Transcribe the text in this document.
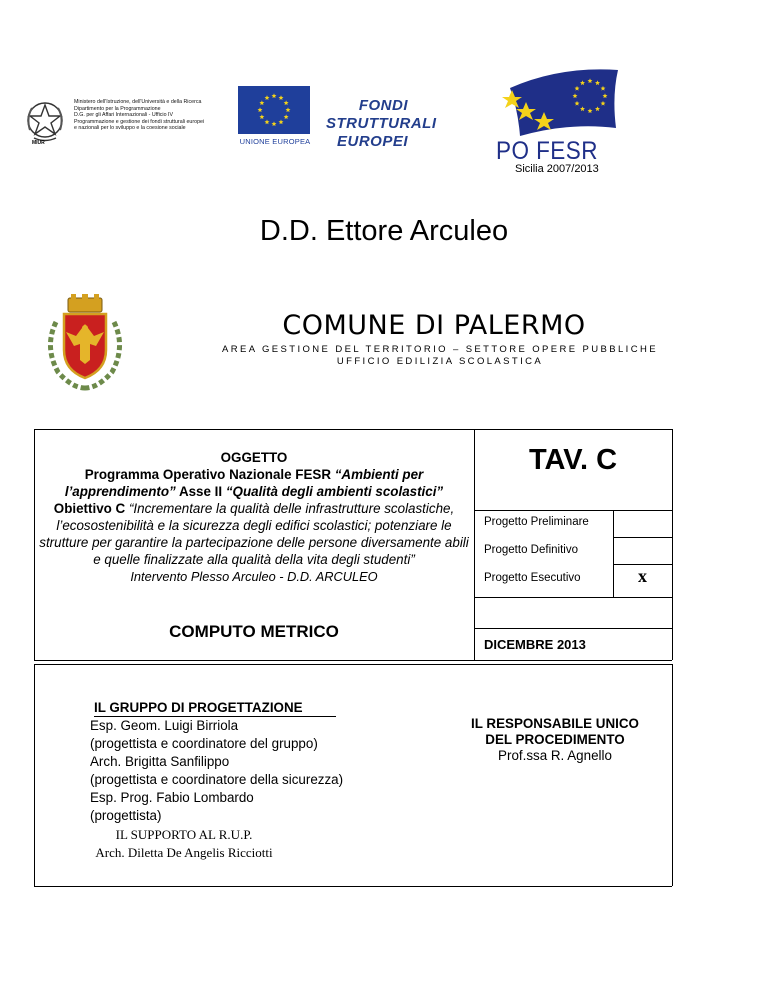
Ministero dell'Istruzione, dell'Università e della Ricerca
Dipartimento per la Programmazione
D.G. per gli Affari Internazionali - Ufficio IV
Programmazione e gestione dei fondi strutturali europei
e nazionali per lo sviluppo e la coesione sociale
MIUR	UNIONE EUROPEA
FONDI
STRUTTURALI
EUROPEI	PO FESR
Sicilia 2007/2013
D.D. Ettore Arculeo
COMUNE DI PALERMO
AREA GESTIONE DEL TERRITORIO – SETTORE OPERE PUBBLICHE
UFFICIO EDILIZIA SCOLASTICA
OGGETTO
Programma Operativo Nazionale FESR “Ambienti per l’apprendimento” Asse II “Qualità degli ambienti scolastici” Obiettivo C “Incrementare la qualità delle infrastrutture scolastiche, l’ecosostenibilità e la sicurezza degli edifici scolastici; potenziare le strutture per garantire la partecipazione delle persone diversamente abili e quelle finalizzate alla qualità della vita degli studenti”
Intervento Plesso Arculeo - D.D. ARCULEO
TAV. C
Progetto Preliminare
Progetto Definitivo
Progetto Esecutivo	x
COMPUTO METRICO
DICEMBRE 2013
IL GRUPPO DI PROGETTAZIONE
Esp. Geom. Luigi Birriola
(progettista e coordinatore del gruppo)
Arch. Brigitta Sanfilippo
(progettista e coordinatore della sicurezza)
Esp. Prog. Fabio Lombardo
(progettista)
IL SUPPORTO AL R.U.P.
Arch. Diletta De Angelis Ricciotti
IL RESPONSABILE UNICO
DEL PROCEDIMENTO
Prof.ssa R. Agnello
